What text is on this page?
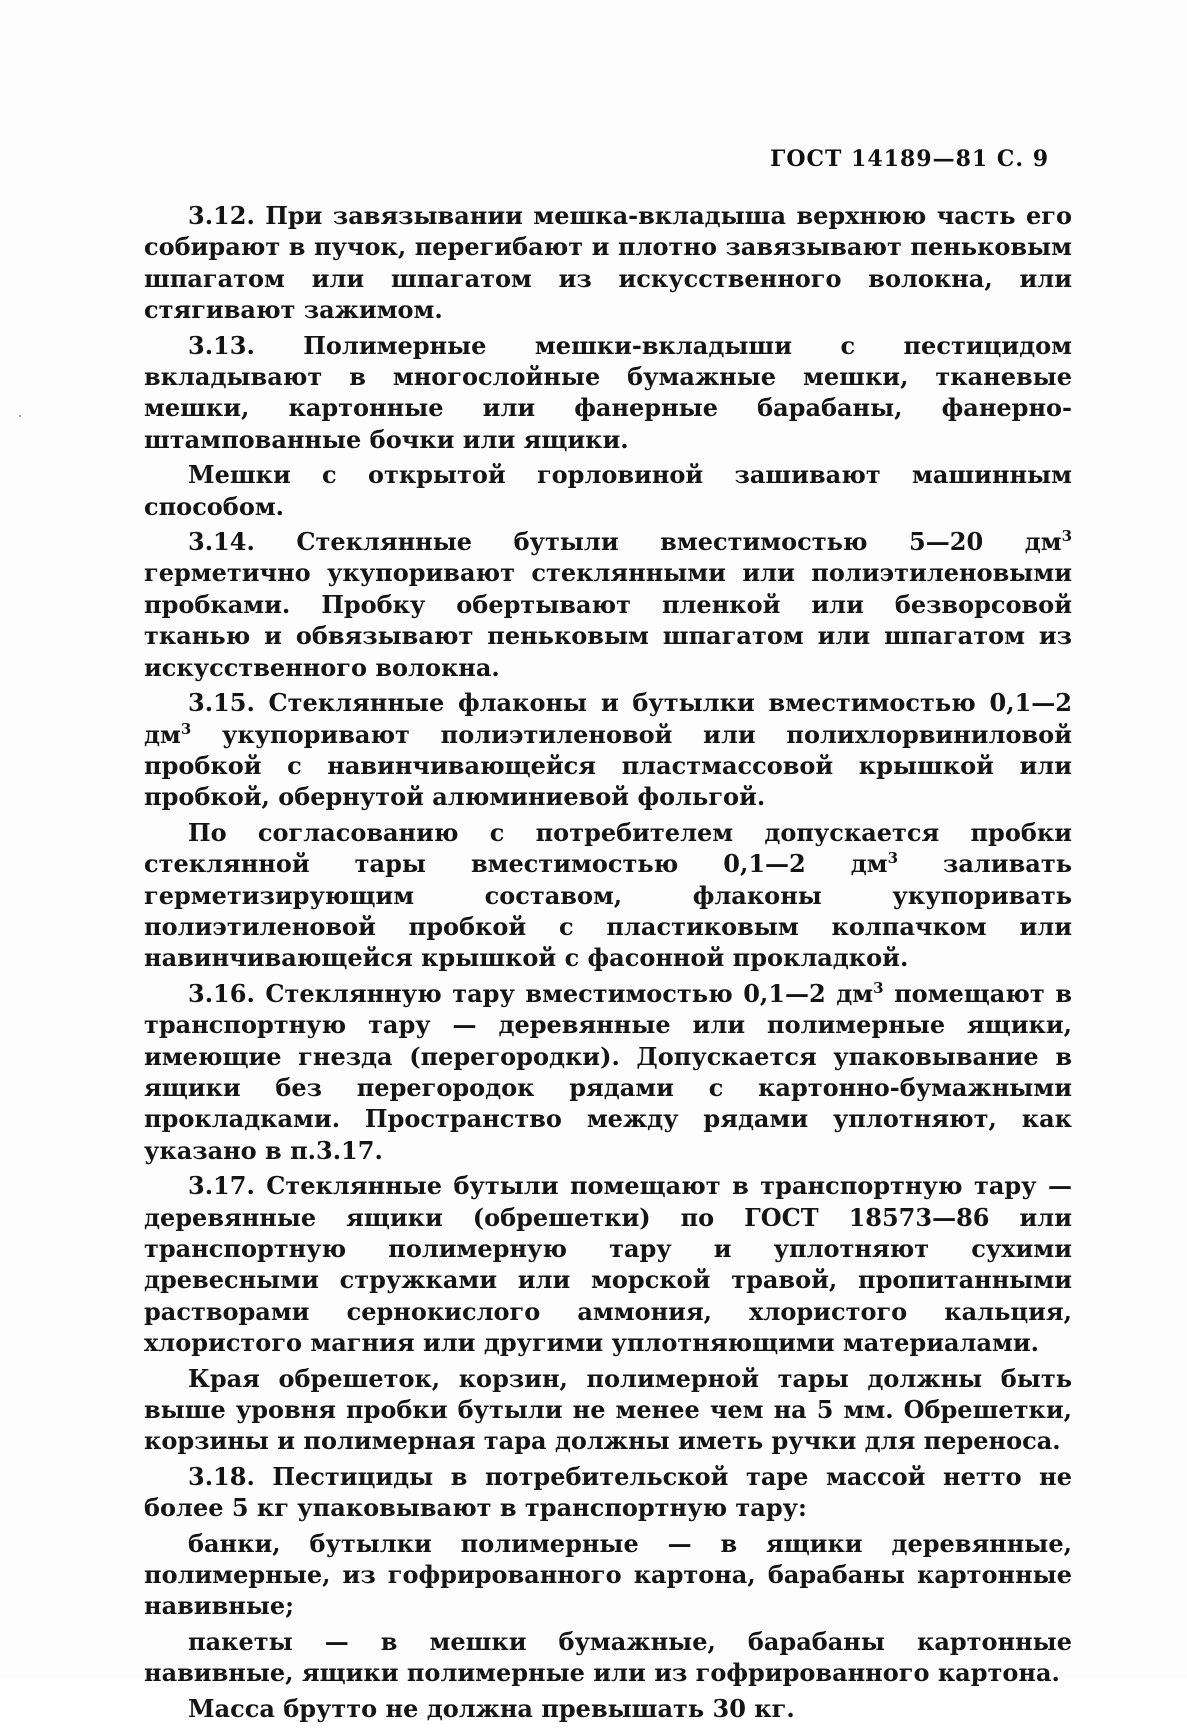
ГОСТ 14189—81 С. 9

3.12. При завязывании мешка-вкладыша верхнюю часть его собирают в пучок, перегибают и плотно завязывают пеньковым шпагатом или шпагатом из искусственного волокна, или стягивают зажимом.

3.13. Полимерные мешки-вкладыши с пестицидом вкладывают в многослойные бумажные мешки, тканевые мешки, картонные или фанерные барабаны, фанерно-штампованные бочки или ящики.

Мешки с открытой горловиной зашивают машинным способом.

3.14. Стеклянные бутыли вместимостью 5—20 $дм^3$ герметично укупоривают стеклянными или полиэтиленовыми пробками. Пробку обертывают пленкой или безворсовой тканью и обвязывают пеньковым шпагатом или шпагатом из искусственного волокна.

3.15. Стеклянные флаконы и бутылки вместимостью 0,1—2 $дм^3$ укупоривают полиэтиленовой или полихлорвиниловой пробкой с навинчивающейся пластмассовой крышкой или пробкой, обернутой алюминиевой фольгой.

По согласованию с потребителем допускается пробки стеклянной тары вместимостью 0,1—2 $дм^3$ заливать герметизирующим составом, флаконы укупоривать полиэтиленовой пробкой с пластиковым колпачком или навинчивающейся крышкой с фасонной прокладкой.

3.16. Стеклянную тару вместимостью 0,1—2 $дм^3$ помещают в транспортную тару — деревянные или полимерные ящики, имеющие гнезда (перегородки). Допускается упаковывание в ящики без перегородок рядами с картонно-бумажными прокладками. Пространство между рядами уплотняют, как указано в п.3.17.

3.17. Стеклянные бутыли помещают в транспортную тару — деревянные ящики (обрешетки) по ГОСТ 18573—86 или транспортную полимерную тару и уплотняют сухими древесными стружками или морской травой, пропитанными растворами сернокислого аммония, хлористого кальция, хлористого магния или другими уплотняющими материалами.

Края обрешеток, корзин, полимерной тары должны быть выше уровня пробки бутыли не менее чем на 5 мм. Обрешетки, корзины и полимерная тара должны иметь ручки для переноса.

3.18. Пестициды в потребительской таре массой нетто не более 5 кг упаковывают в транспортную тару:

банки, бутылки полимерные — в ящики деревянные, полимерные, из гофрированного картона, барабаны картонные навивные;

пакеты — в мешки бумажные, барабаны картонные навивные, ящики полимерные или из гофрированного картона.

Масса брутто не должна превышать 30 кг.
